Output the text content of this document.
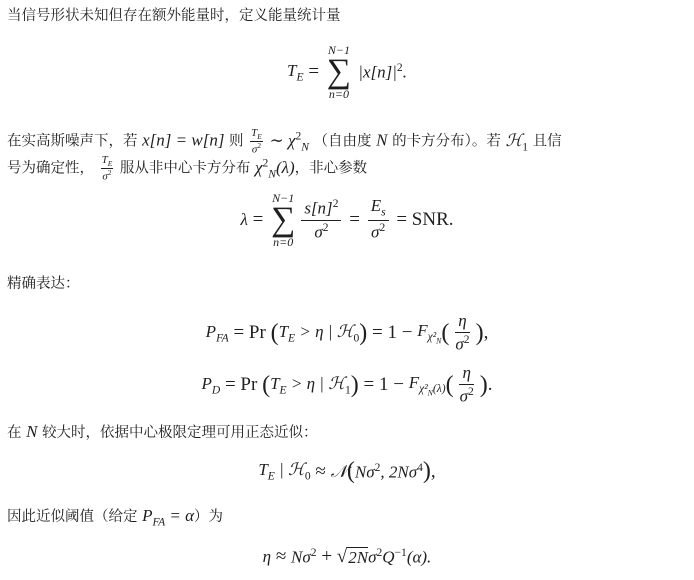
当信号形状未知但存在额外能量时，定义能量统计量
$T_E$ =
N−1
∑
n=0
$|x[n]|^2$.
在实高斯噪声下，若 x[n] = w[n] 则 $\frac{T_E}{\sigma^2}$ ∼ $\chi^2_N$ （自由度 N 的卡方分布）。若 ℋ$_1$ 且信
号为确定性， $\frac{T_E}{\sigma^2}$ 服从非中心卡方分布 $\chi^2_N(\lambda)$，非心参数
λ =
N−1
∑
n=0
$\frac{s[n]^2}{\sigma^2} = \frac{E_s}{\sigma^2}$ = SNR.
精确表达：
$P_{FA} = Pr$
( $T_E > \eta$ | ℋ$_0$ ) = $1 - F_{\chi^2_N}$ ( $\frac{\eta}{\sigma^2}$ ) ,
$P_D = Pr$
( $T_E > \eta$ | ℋ$_1$ ) = $1 - F_{\chi^2_N(\lambda)}$ ( $\frac{\eta}{\sigma^2}$ ) .
在 N 较大时，依据中心极限定理可用正态近似：
$T_E$ | ℋ$_0$ ≈ 𝒩 ( $N\sigma^2$, $2N\sigma^4$ ) ,
因此近似阈值（给定 $P_{FA} = \alpha$）为
$\eta \approx N\sigma^2$ + √ 2N $\sigma^2Q^{-1}(\alpha)$.
